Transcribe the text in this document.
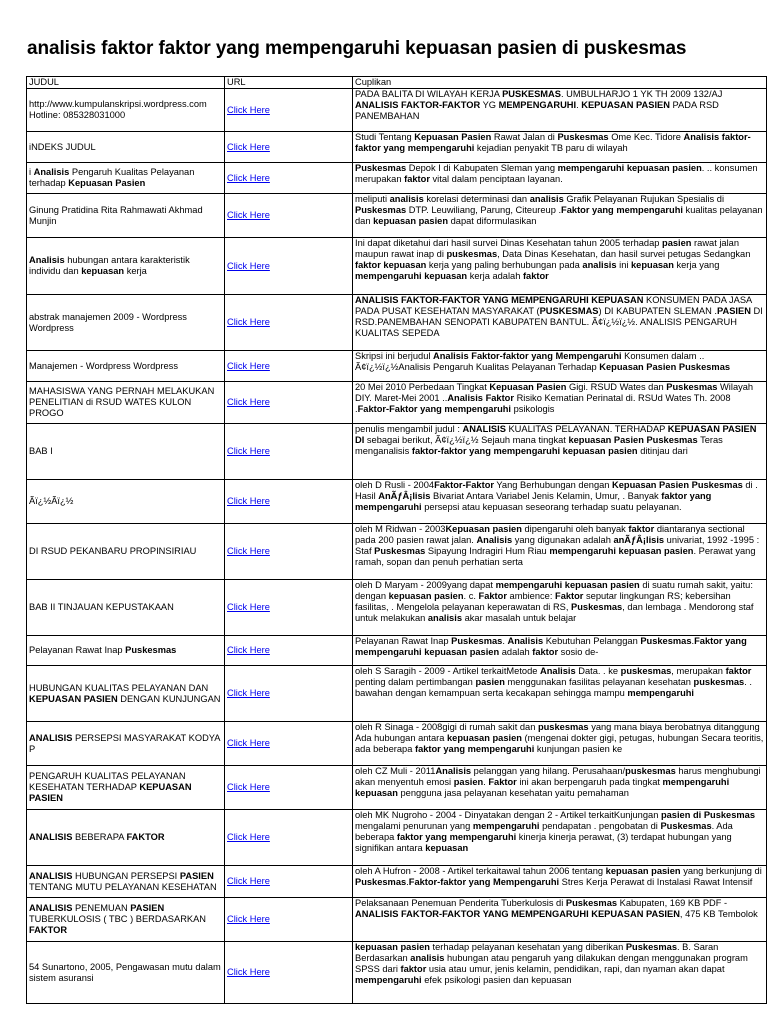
analisis faktor faktor yang mempengaruhi kepuasan pasien di puskesmas
JUDUL	URL	Cuplikan
http://www.kumpulanskripsi.wordpress.com Hotline: 085328031000	Click Here	PADA BALITA DI WILAYAH KERJA PUSKESMAS. UMBULHARJO 1 YK TH 2009 132/AJ ANALISIS FAKTOR-FAKTOR YG MEMPENGARUHI. KEPUASAN PASIEN PADA RSD PANEMBAHAN
iNDEKS JUDUL	Click Here	Studi Tentang Kepuasan Pasien Rawat Jalan di Puskesmas Ome Kec. Tidore Analisis faktor-faktor yang mempengaruhi kejadian penyakit TB paru di wilayah
i Analisis Pengaruh Kualitas Pelayanan terhadap Kepuasan Pasien	Click Here	Puskesmas Depok I di Kabupaten Sleman yang mempengaruhi kepuasan pasien. .. konsumen merupakan faktor vital dalam penciptaan layanan.
Ginung Pratidina Rita Rahmawati Akhmad Munjin	Click Here	meliputi analisis korelasi determinasi dan analisis Grafik Pelayanan Rujukan Spesialis di Puskesmas DTP. Leuwiliang, Parung, Citeureup .Faktor yang mempengaruhi kualitas pelayanan dan kepuasan pasien dapat diformulasikan
Analisis hubungan antara karakteristik individu dan kepuasan kerja	Click Here	Ini dapat diketahui dari hasil survei Dinas Kesehatan tahun 2005 terhadap pasien rawat jalan maupun rawat inap di puskesmas, Data Dinas Kesehatan, dan hasil survei petugas Sedangkan faktor kepuasan kerja yang paling berhubungan pada analisis ini kepuasan kerja yang mempengaruhi kepuasan kerja adalah faktor
abstrak manajemen 2009 - Wordpress Wordpress	Click Here	ANALISIS FAKTOR-FAKTOR YANG MEMPENGARUHI KEPUASAN KONSUMEN PADA JASA PADA PUSAT KESEHATAN MASYARAKAT (PUSKESMAS) DI KABUPATEN SLEMAN .PASIEN DI RSD.PANEMBAHAN SENOPATI KABUPATEN BANTUL. Ã¢ï¿½ï¿½. ANALISIS PENGARUH KUALITAS SEPEDA
Manajemen - Wordpress Wordpress	Click Here	Skripsi ini berjudul Analisis Faktor-faktor yang Mempengaruhi Konsumen dalam .. Ã¢ï¿½ï¿½Analisis Pengaruh Kualitas Pelayanan Terhadap Kepuasan Pasien Puskesmas
MAHASISWA YANG PERNAH MELAKUKAN PENELITIAN di RSUD WATES KULON PROGO	Click Here	20 Mei 2010 Perbedaan Tingkat Kepuasan Pasien Gigi. RSUD Wates dan Puskesmas Wilayah DIY. Maret-Mei 2001 ..Analisis Faktor Risiko Kematian Perinatal di. RSUd Wates Th. 2008 .Faktor-Faktor yang mempengaruhi psikologis
BAB I	Click Here	penulis mengambil judul : ANALISIS KUALITAS PELAYANAN. TERHADAP KEPUASAN PASIEN DI sebagai berikut, Ã¢ï¿½ï¿½ Sejauh mana tingkat kepuasan Pasien Puskesmas Teras menganalisis faktor-faktor yang mempengaruhi kepuasan pasien ditinjau dari
Ãï¿½Ãï¿½	Click Here	oleh D Rusli - 2004Faktor-Faktor Yang Berhubungan dengan Kepuasan Pasien Puskesmas di . Hasil AnÃƒÂ¡lisis Bivariat Antara Variabel Jenis Kelamin, Umur, . Banyak faktor yang mempengaruhi persepsi atau kepuasan seseorang terhadap suatu pelayanan.
DI RSUD PEKANBARU PROPINSIRIAU	Click Here	oleh M Ridwan - 2003Kepuasan pasien dipengaruhi oleh banyak faktor diantaranya sectional pada 200 pasien rawat jalan. Analisis yang digunakan adalah anÃƒÂ¡lisis univariat, 1992 -1995 : Staf Puskesmas Sipayung Indragiri Hum Riau mempengaruhi kepuasan pasien. Perawat yang ramah, sopan dan penuh perhatian serta
BAB II TINJAUAN KEPUSTAKAAN	Click Here	oleh D Maryam - 2009yang dapat mempengaruhi kepuasan pasien di suatu rumah sakit, yaitu: dengan kepuasan pasien. c. Faktor ambience: Faktor seputar lingkungan RS; kebersihan fasilitas, . Mengelola pelayanan keperawatan di RS, Puskesmas, dan lembaga . Mendorong staf untuk melakukan analisis akar masalah untuk belajar
Pelayanan Rawat Inap Puskesmas	Click Here	Pelayanan Rawat Inap Puskesmas. Analisis Kebutuhan Pelanggan Puskesmas.Faktor yang mempengaruhi kepuasan pasien adalah faktor sosio de-
HUBUNGAN KUALITAS PELAYANAN DAN KEPUASAN PASIEN DENGAN KUNJUNGAN	Click Here	oleh S Saragih - 2009 - Artikel terkaitMetode Analisis Data. . ke puskesmas, merupakan faktor penting dalam pertimbangan pasien menggunakan fasilitas pelayanan kesehatan puskesmas. . bawahan dengan kemampuan serta kecakapan sehingga mampu mempengaruhi
ANALISIS PERSEPSI MASYARAKAT KODYA P	Click Here	oleh R Sinaga - 2008gigi di rumah sakit dan puskesmas yang mana biaya berobatnya ditanggung Ada hubungan antara kepuasan pasien (mengenai dokter gigi, petugas, hubungan Secara teoritis, ada beberapa faktor yang mempengaruhi kunjungan pasien ke
PENGARUH KUALITAS PELAYANAN KESEHATAN TERHADAP KEPUASAN PASIEN	Click Here	oleh CZ Muli - 2011Analisis pelanggan yang hilang. Perusahaan/puskesmas harus menghubungi akan menyentuh emosi pasien. Faktor ini akan berpengaruh pada tingkat mempengaruhi kepuasan pengguna jasa pelayanan kesehatan yaitu pemahaman
ANALISIS BEBERAPA FAKTOR	Click Here	oleh MK Nugroho - 2004 - Dinyatakan dengan 2 - Artikel terkaitKunjungan pasien di Puskesmas mengalami penurunan yang mempengaruhi pendapatan . pengobatan di Puskesmas. Ada beberapa faktor yang mempengaruhi kinerja kinerja perawat, (3) terdapat hubungan yang signifikan antara kepuasan
ANALISIS HUBUNGAN PERSEPSI PASIEN TENTANG MUTU PELAYANAN KESEHATAN	Click Here	oleh A Hufron - 2008 - Artikel terkaitawal tahun 2006 tentang kepuasan pasien yang berkunjung di Puskesmas.Faktor-faktor yang Mempengaruhi Stres Kerja Perawat di Instalasi Rawat Intensif
ANALISIS PENEMUAN PASIEN TUBERKULOSIS ( TBC ) BERDASARKAN FAKTOR	Click Here	Pelaksanaan Penemuan Penderita Tuberkulosis di Puskesmas Kabupaten, 169 KB PDF - ANALISIS FAKTOR-FAKTOR YANG MEMPENGARUHI KEPUASAN PASIEN, 475 KB Tembolok
54 Sunartono, 2005, Pengawasan mutu dalam sistem asuransi	Click Here	kepuasan pasien terhadap pelayanan kesehatan yang diberikan Puskesmas. B. Saran Berdasarkan analisis hubungan atau pengaruh yang dilakukan dengan menggunakan program SPSS dari faktor usia atau umur, jenis kelamin, pendidikan, rapi, dan nyaman akan dapat mempengaruhi efek psikologi pasien dan kepuasan
